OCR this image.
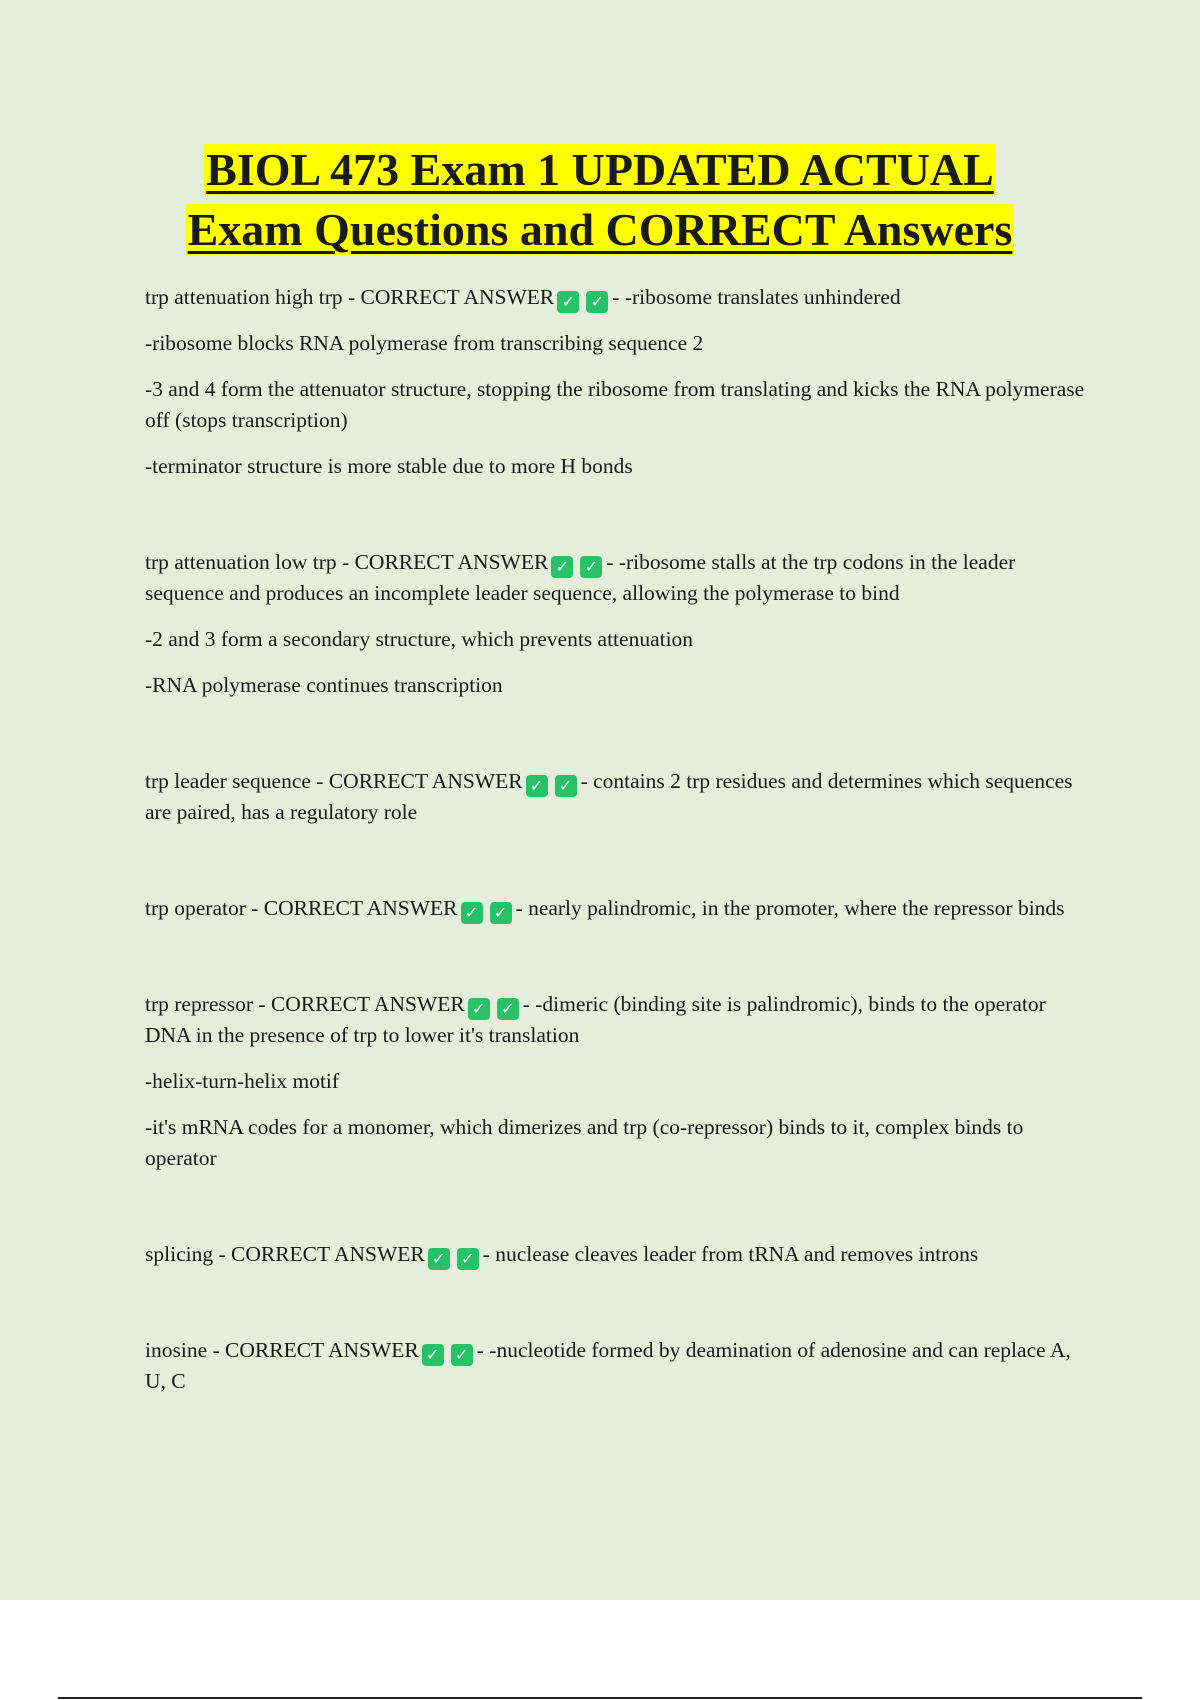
BIOL 473 Exam 1 UPDATED ACTUAL
Exam Questions and CORRECT Answers

trp attenuation high trp - CORRECT ANSWER ✓ ✓ - -ribosome translates unhindered

-ribosome blocks RNA polymerase from transcribing sequence 2

-3 and 4 form the attenuator structure, stopping the ribosome from translating and kicks the RNA polymerase off (stops transcription)

-terminator structure is more stable due to more H bonds

trp attenuation low trp - CORRECT ANSWER ✓ ✓ - -ribosome stalls at the trp codons in the leader sequence and produces an incomplete leader sequence, allowing the polymerase to bind

-2 and 3 form a secondary structure, which prevents attenuation

-RNA polymerase continues transcription

trp leader sequence - CORRECT ANSWER ✓ ✓ - contains 2 trp residues and determines which sequences are paired, has a regulatory role

trp operator - CORRECT ANSWER ✓ ✓ - nearly palindromic, in the promoter, where the repressor binds

trp repressor - CORRECT ANSWER ✓ ✓ - -dimeric (binding site is palindromic), binds to the operator DNA in the presence of trp to lower it's translation

-helix-turn-helix motif

-it's mRNA codes for a monomer, which dimerizes and trp (co-repressor) binds to it, complex binds to operator

splicing - CORRECT ANSWER ✓ ✓ - nuclease cleaves leader from tRNA and removes introns

inosine - CORRECT ANSWER ✓ ✓ - -nucleotide formed by deamination of adenosine and can replace A, U, C
